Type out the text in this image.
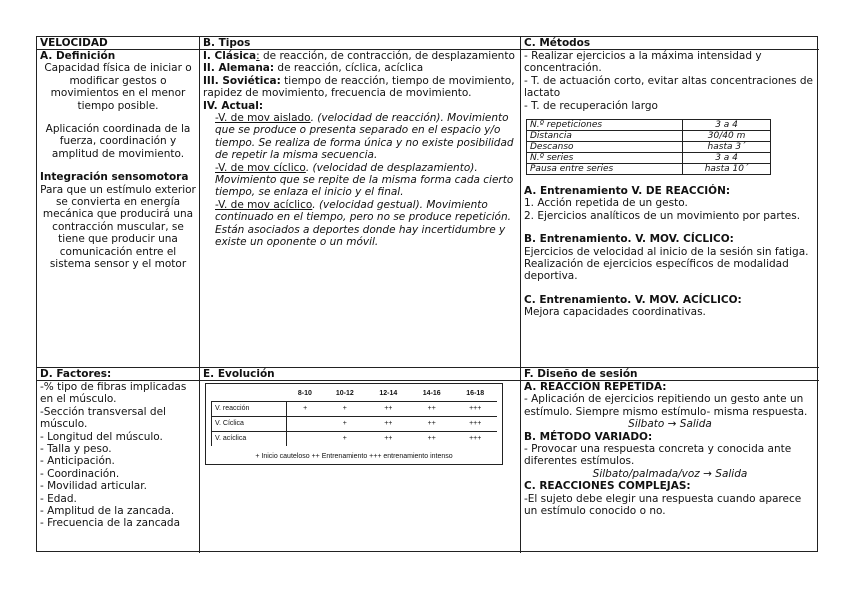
VELOCIDAD	B. Tipos	C. Métodos
A. Definición

Capacidad física de iniciar o modificar gestos o movimientos en el menor tiempo posible.

Aplicación coordinada de la fuerza, coordinación y amplitud de movimiento.

Integración sensomotora

Para que un estímulo exterior se convierta en energía mecánica que producirá una contracción muscular, se tiene que producir una comunicación entre el sistema sensor y el motor

I. Clásica: de reacción, de contracción, de desplazamiento

II. Alemana: de reacción, cíclica, acíclica

III. Soviética: tiempo de reacción, tiempo de movimiento, rapidez de movimiento, frecuencia de movimiento.

IV. Actual:

-V. de mov aislado. (velocidad de reacción). Movimiento que se produce o presenta separado en el espacio y/o tiempo. Se realiza de forma única y no existe posibilidad de repetir la misma secuencia.

-V. de mov cíclico. (velocidad de desplazamiento). Movimiento que se repite de la misma forma cada cierto tiempo, se enlaza el inicio y el final.

-V. de mov acíclico. (velocidad gestual). Movimiento continuado en el tiempo, pero no se produce repetición. Están asociados a deportes donde hay incertidumbre y existe un oponente o un móvil.

- Realizar ejercicios a la máxima intensidad y concentración.

- T. de actuación corto, evitar altas concentraciones de lactato

- T. de recuperación largo

N.º repeticiones	3 a 4
Distancia	30/40 m
Descanso	hasta 3´
N.º series	3 a 4
Pausa entre series	hasta 10´

A. Entrenamiento V. DE REACCIÓN:

1. Acción repetida de un gesto.

2. Ejercicios analíticos de un movimiento por partes.

B. Entrenamiento. V. MOV. CÍCLICO:

Ejercicios de velocidad al inicio de la sesión sin fatiga.

Realización de ejercicios específicos de modalidad deportiva.

C. Entrenamiento. V. MOV. ACÍCLICO:

Mejora capacidades coordinativas.

D. Factores:	E. Evolución	F. Diseño de sesión

-% tipo de fibras implicadas en el músculo.

-Sección transversal del músculo.

- Longitud del músculo.

- Talla y peso.

- Anticipación.

- Coordinación.

- Movilidad articular.

- Edad.

- Amplitud de la zancada.

- Frecuencia de la zancada

	8-10	10-12	12-14	14-16	16-18
V. reacción	+	+	++	++	+++
V. Cíclica		+	++	++	+++
V. acíclica		+	++	++	+++
+ Inicio cauteloso ++ Entrenamiento +++ entrenamiento intenso

A. REACCIÓN REPETIDA:

- Aplicación de ejercicios repitiendo un gesto ante un estímulo. Siempre mismo estímulo- misma respuesta.

Silbato → Salida

B. MÉTODO VARIADO:

- Provocar una respuesta concreta y conocida ante diferentes estímulos.

Silbato/palmada/voz → Salida

C. REACCIONES COMPLEJAS:

-El sujeto debe elegir una respuesta cuando aparece un estímulo conocido o no.
